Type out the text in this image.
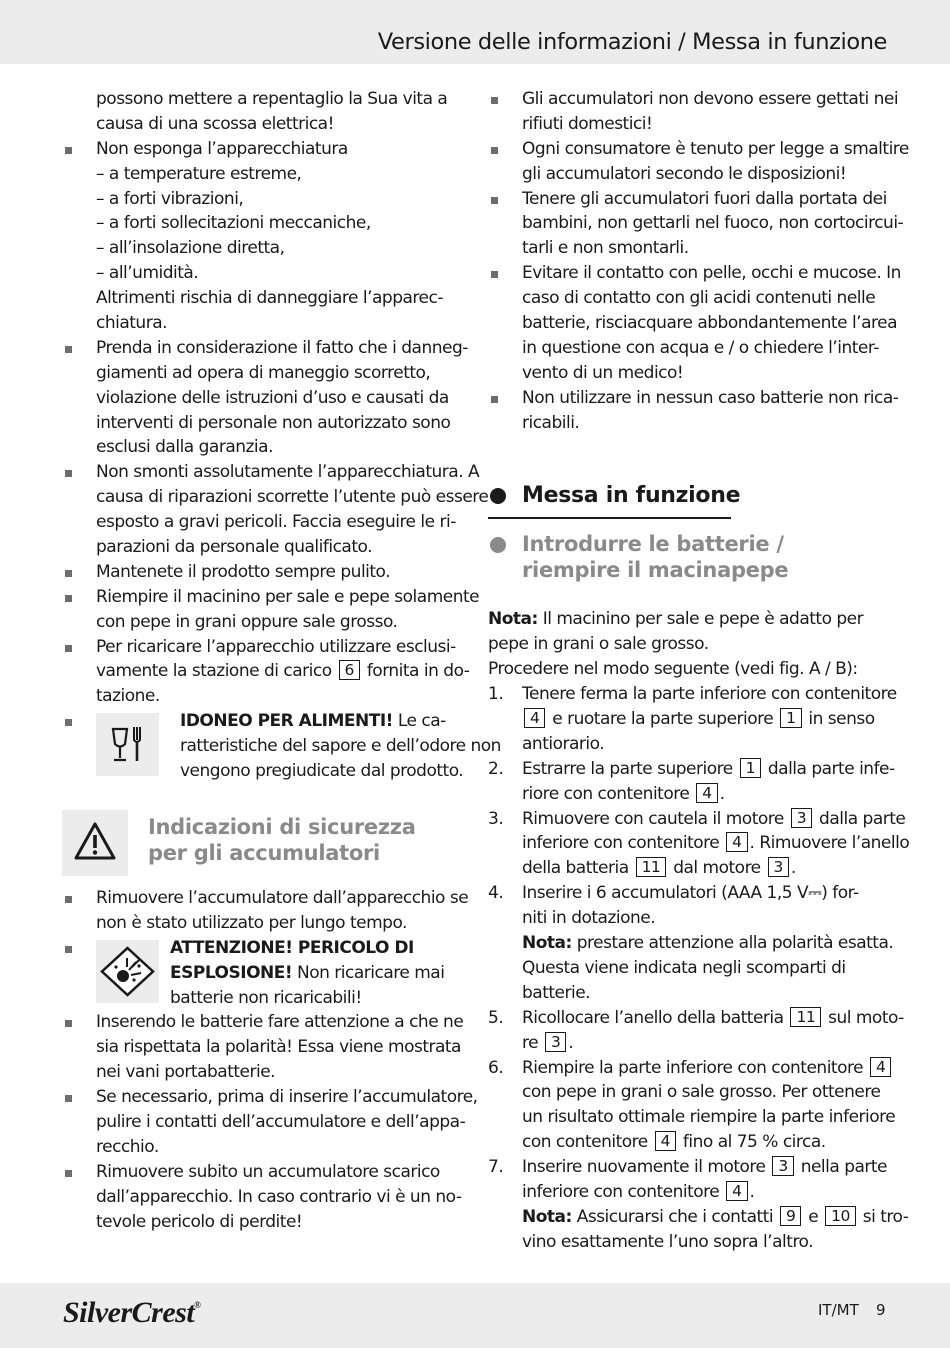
Versione delle informazioni / Messa in funzione
possono mettere a repentaglio la Sua vita a
causa di una scossa elettrica!
Non esponga l’apparecchiatura
– a temperature estreme,
– a forti vibrazioni,
– a forti sollecitazioni meccaniche,
– all’insolazione diretta,
– all’umidità.
Altrimenti rischia di danneggiare l’apparec-
chiatura.
Prenda in considerazione il fatto che i danneg-
giamenti ad opera di maneggio scorretto,
violazione delle istruzioni d’uso e causati da
interventi di personale non autorizzato sono
esclusi dalla garanzia.
Non smonti assolutamente l’apparecchiatura. A
causa di riparazioni scorrette l’utente può essere
esposto a gravi pericoli. Faccia eseguire le ri-
parazioni da personale qualificato.
Mantenete il prodotto sempre pulito.
Riempire il macinino per sale e pepe solamente
con pepe in grani oppure sale grosso.
Per ricaricare l’apparecchio utilizzare esclusi-
vamente la stazione di carico 6 fornita in do-
tazione.
IDONEO PER ALIMENTI! Le ca-
ratteristiche del sapore e dell’odore non
vengono pregiudicate dal prodotto.
Indicazioni di sicurezza
per gli accumulatori
Rimuovere l’accumulatore dall’apparecchio se
non è stato utilizzato per lungo tempo.
ATTENZIONE! PERICOLO DI
ESPLOSIONE! Non ricaricare mai
batterie non ricaricabili!
Inserendo le batterie fare attenzione a che ne
sia rispettata la polarità! Essa viene mostrata
nei vani portabatterie.
Se necessario, prima di inserire l’accumulatore,
pulire i contatti dell’accumulatore e dell’appa-
recchio.
Rimuovere subito un accumulatore scarico
dall’apparecchio. In caso contrario vi è un no-
tevole pericolo di perdite!
Gli accumulatori non devono essere gettati nei
rifiuti domestici!
Ogni consumatore è tenuto per legge a smaltire
gli accumulatori secondo le disposizioni!
Tenere gli accumulatori fuori dalla portata dei
bambini, non gettarli nel fuoco, non cortocircui-
tarli e non smontarli.
Evitare il contatto con pelle, occhi e mucose. In
caso di contatto con gli acidi contenuti nelle
batterie, risciacquare abbondantemente l’area
in questione con acqua e / o chiedere l’inter-
vento di un medico!
Non utilizzare in nessun caso batterie non rica-
ricabili.
Messa in funzione
Introdurre le batterie /
riempire il macinapepe
Nota: Il macinino per sale e pepe è adatto per
pepe in grani o sale grosso.
Procedere nel modo seguente (vedi fig. A / B):
1.	Tenere ferma la parte inferiore con contenitore
4 e ruotare la parte superiore 1 in senso
antiorario.
2.	Estrarre la parte superiore 1 dalla parte infe-
riore con contenitore 4 .
3.	Rimuovere con cautela il motore 3 dalla parte
inferiore con contenitore 4 . Rimuovere l’anello
della batteria 11 dal motore 3 .
4.	Inserire i 6 accumulatori (AAA 1,5 V⎓) for-
niti in dotazione.
Nota: prestare attenzione alla polarità esatta.
Questa viene indicata negli scomparti di
batterie.
5.	Ricollocare l’anello della batteria 11 sul moto-
re 3 .
6.	Riempire la parte inferiore con contenitore 4
con pepe in grani o sale grosso. Per ottenere
un risultato ottimale riempire la parte inferiore
con contenitore 4 fino al 75 % circa.
7.	Inserire nuovamente il motore 3 nella parte
inferiore con contenitore 4 .
Nota: Assicurarsi che i contatti 9 e 10 si tro-
vino esattamente l’uno sopra l’altro.
SilverCrest®	IT/MT 9
